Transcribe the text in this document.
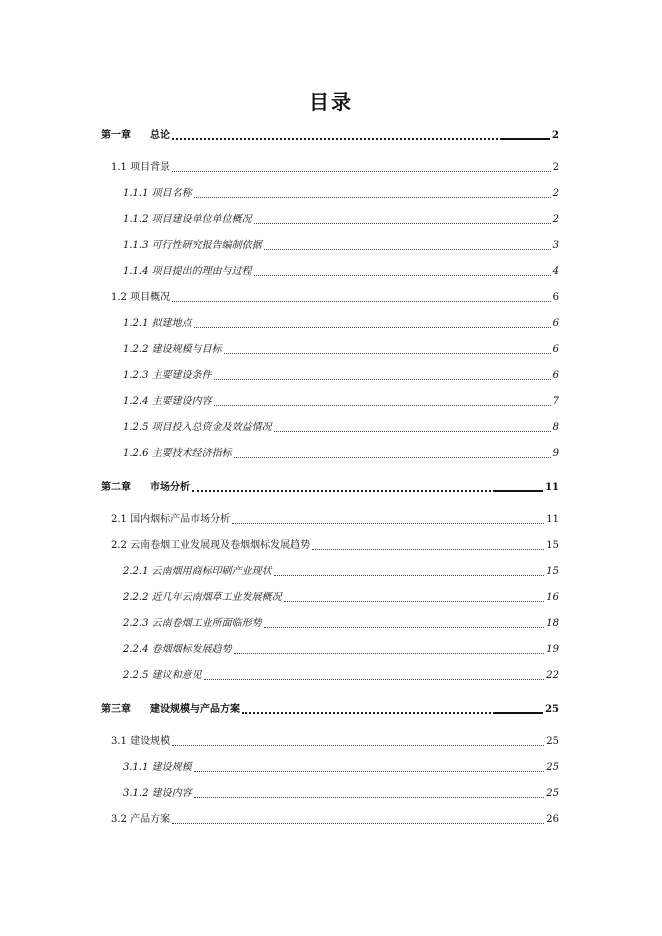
目录
第一章 总论	2
1.1 项目背景	2
1.1.1 项目名称	2
1.1.2 项目建设单位单位概况	2
1.1.3 可行性研究报告编制依据	3
1.1.4 项目提出的理由与过程	4
1.2 项目概况	6
1.2.1 拟建地点	6
1.2.2 建设规模与目标	6
1.2.3 主要建设条件	6
1.2.4 主要建设内容	7
1.2.5 项目投入总资金及效益情况	8
1.2.6 主要技术经济指标	9
第二章 市场分析	11
2.1 国内烟标产品市场分析	11
2.2 云南卷烟工业发展现及卷烟烟标发展趋势	15
2.2.1 云南烟用商标印刷产业现状	15
2.2.2 近几年云南烟草工业发展概况	16
2.2.3 云南卷烟工业所面临形势	18
2.2.4 卷烟烟标发展趋势	19
2.2.5 建议和意见	22
第三章 建设规模与产品方案	25
3.1 建设规模	25
3.1.1 建设规模	25
3.1.2 建设内容	25
3.2 产品方案	26
